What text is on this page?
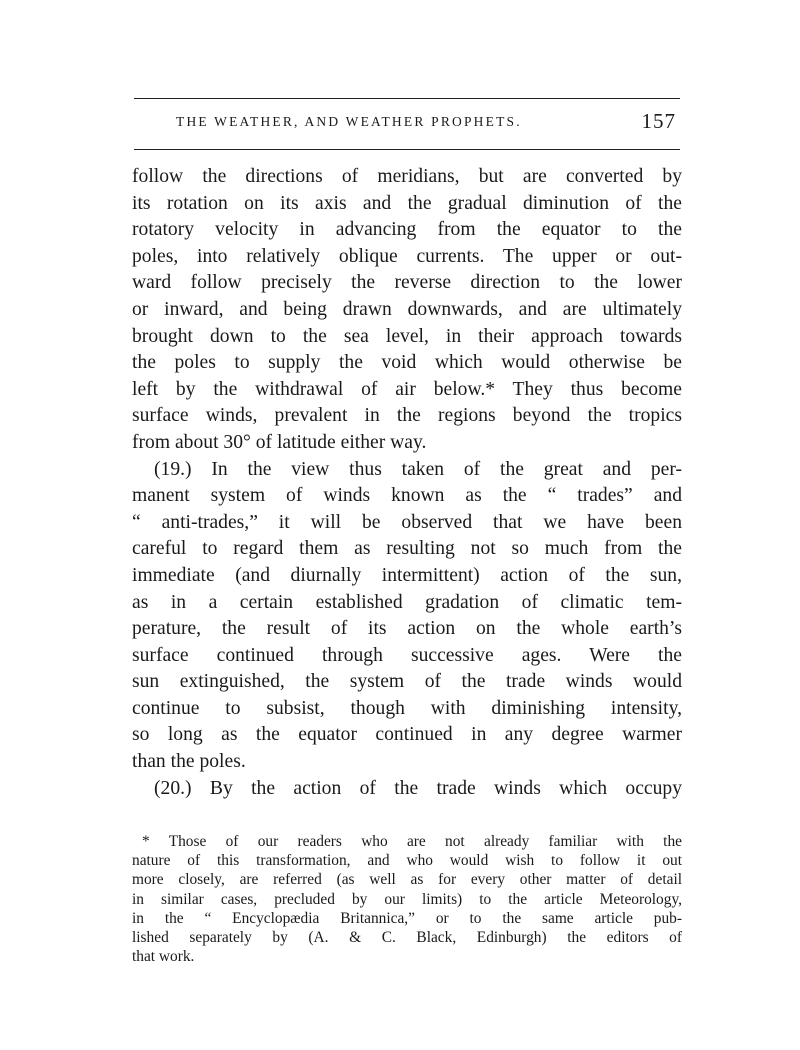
THE WEATHER, AND WEATHER PROPHETS.	157
follow the directions of meridians, but are converted by
its rotation on its axis and the gradual diminution of the
rotatory velocity in advancing from the equator to the
poles, into relatively oblique currents. The upper or out-
ward follow precisely the reverse direction to the lower
or inward, and being drawn downwards, and are ultimately
brought down to the sea level, in their approach towards
the poles to supply the void which would otherwise be
left by the withdrawal of air below.* They thus become
surface winds, prevalent in the regions beyond the tropics
from about 30° of latitude either way.
(19.) In the view thus taken of the great and per-
manent system of winds known as the “ trades” and
“ anti-trades,” it will be observed that we have been
careful to regard them as resulting not so much from the
immediate (and diurnally intermittent) action of the sun,
as in a certain established gradation of climatic tem-
perature, the result of its action on the whole earth’s
surface continued through successive ages. Were the
sun extinguished, the system of the trade winds would
continue to subsist, though with diminishing intensity,
so long as the equator continued in any degree warmer
than the poles.
(20.) By the action of the trade winds which occupy
* Those of our readers who are not already familiar with the
nature of this transformation, and who would wish to follow it out
more closely, are referred (as well as for every other matter of detail
in similar cases, precluded by our limits) to the article Meteorology,
in the “ Encyclopædia Britannica,” or to the same article pub-
lished separately by (A. & C. Black, Edinburgh) the editors of
that work.
